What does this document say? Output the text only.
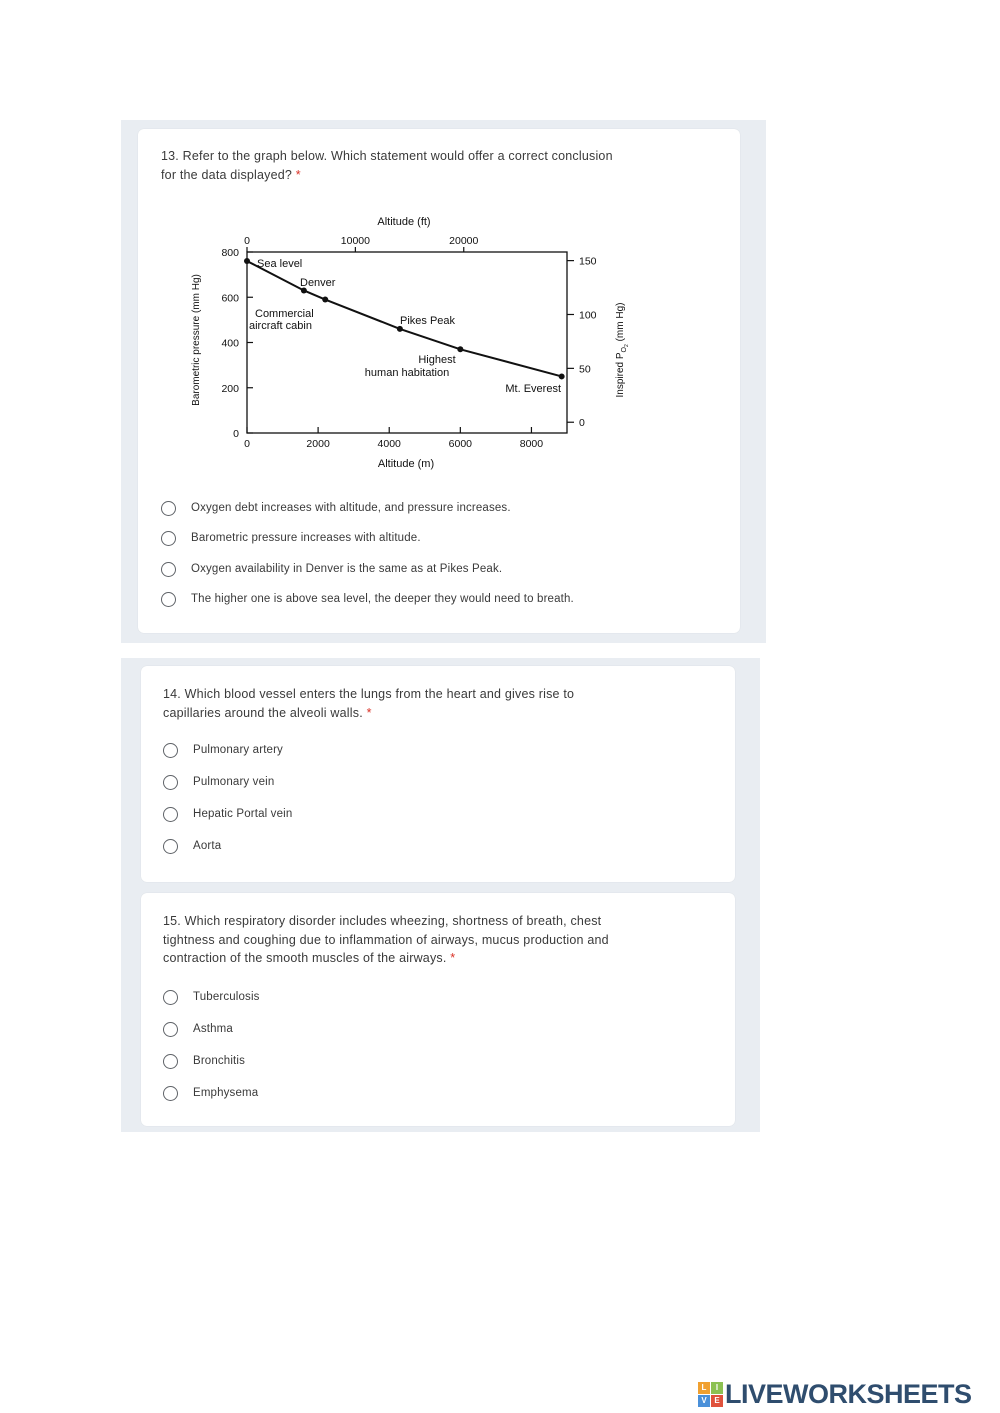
13. Refer to the graph below. Which statement would offer a correct conclusion
for the data displayed? *
Altitude (ft)
Altitude (m)
Barometric pressure (mm Hg)	Inspired $P_{O2}$ (mm Hg)
0	2000	4000	6000	8000
0	10000	20000
0
200
400
600
800
0
50
100
150
Sea level
Denver
Commercial
aircraft cabin	Pikes Peak
Highest
human habitation
Mt. Everest
Oxygen debt increases with altitude, and pressure increases.
Barometric pressure increases with altitude.
Oxygen availability in Denver is the same as at Pikes Peak.
The higher one is above sea level, the deeper they would need to breath.
14. Which blood vessel enters the lungs from the heart and gives rise to
capillaries around the alveoli walls. *
Pulmonary artery
Pulmonary vein
Hepatic Portal vein
Aorta
15. Which respiratory disorder includes wheezing, shortness of breath, chest
tightness and coughing due to inflammation of airways, mucus production and
contraction of the smooth muscles of the airways. *
Tuberculosis
Asthma
Bronchitis
Emphysema
L	I
V E LIVEWORKSHEETS
